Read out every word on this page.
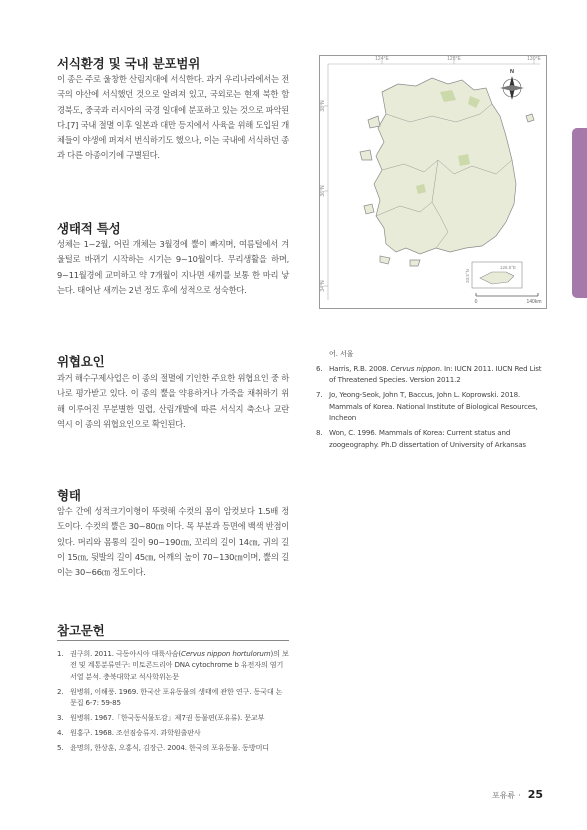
서식환경 및 국내 분포범위

이 종은 주로 울창한 산림지대에 서식한다. 과거 우리나라에서는 전국의 야산에 서식했던 것으로 알려져 있고, 국외로는 현재 북한 함경북도, 중국과 러시아의 국경 일대에 분포하고 있는 것으로 파악된다.[7] 국내 절멸 이후 일본과 대만 등지에서 사육을 위해 도입된 개체들이 야생에 퍼져서 번식하기도 했으나, 이는 국내에 서식하던 종과 다른 아종이기에 구별된다.

생태적 특성

성체는 1~2월, 어린 개체는 3월경에 뿔이 빠지며, 여름털에서 겨울털로 바뀌기 시작하는 시기는 9~10월이다. 무리생활을 하며, 9~11월경에 교미하고 약 7개월이 지나면 새끼를 보통 한 마리 낳는다. 태어난 새끼는 2년 정도 후에 성적으로 성숙한다.

위협요인

과거 해수구제사업은 이 종의 절멸에 기인한 주요한 위협요인 중 하나로 평가받고 있다. 이 종의 뿔을 약용하거나 가죽을 채취하기 위해 이루어진 무분별한 밀렵, 산림개발에 따른 서식지 축소나 교란 역시 이 종의 위협요인으로 확인된다.

형태

암수 간에 성적크기이형이 뚜렷해 수컷의 몸이 암컷보다 1.5배 정도이다. 수컷의 뿔은 30~80㎝ 이다. 목 부분과 등면에 백색 반점이 있다. 머리와 몸통의 길이 90~190㎝, 꼬리의 길이 14㎝, 귀의 길이 15㎝, 뒷발의 길이 45㎝, 어깨의 높이 70~130㎝이며, 뿔의 길이는 30~66㎝ 정도이다.

참고문헌
1. 권구희. 2011. 극동아시아 대륙사슴(Cervus nippon hortulorum)의 보전 및 계통분류연구: 미토콘드리아 DNA cytochrome b 유전자의 염기서열 분석. 충북대학교 석사학위논문
2. 원병휘, 이해풍. 1969. 한국산 포유동물의 생태에 관한 연구. 동국대 논문집 6-7: 59-85
3. 원병휘. 1967.「한국동식물도감」제7권 동물편(포유류). 문교부
4. 원홍구. 1968. 조선짐승류지. 과학원출판사
5. 윤명희, 한상훈, 오홍식, 김장근. 2004. 한국의 포유동물. 동방미디
어. 서울
6. Harris, R.B. 2008. Cervus nippon. In: IUCN 2011. IUCN Red List of Threatened Species. Version 2011.2
7. Jo, Yeong-Seok, John T, Baccus, John L. Koprowski. 2018. Mammals of Korea. National Institute of Biological Resources, Incheon
8. Won, C. 1996. Mammals of Korea: Current status and zoogeography. Ph.D dissertation of University of Arkansas
124°E	128°E	130°E
38°N
36°N
34°N
N
126.5°E
33.5°N
0	140km
포유류 · 25
